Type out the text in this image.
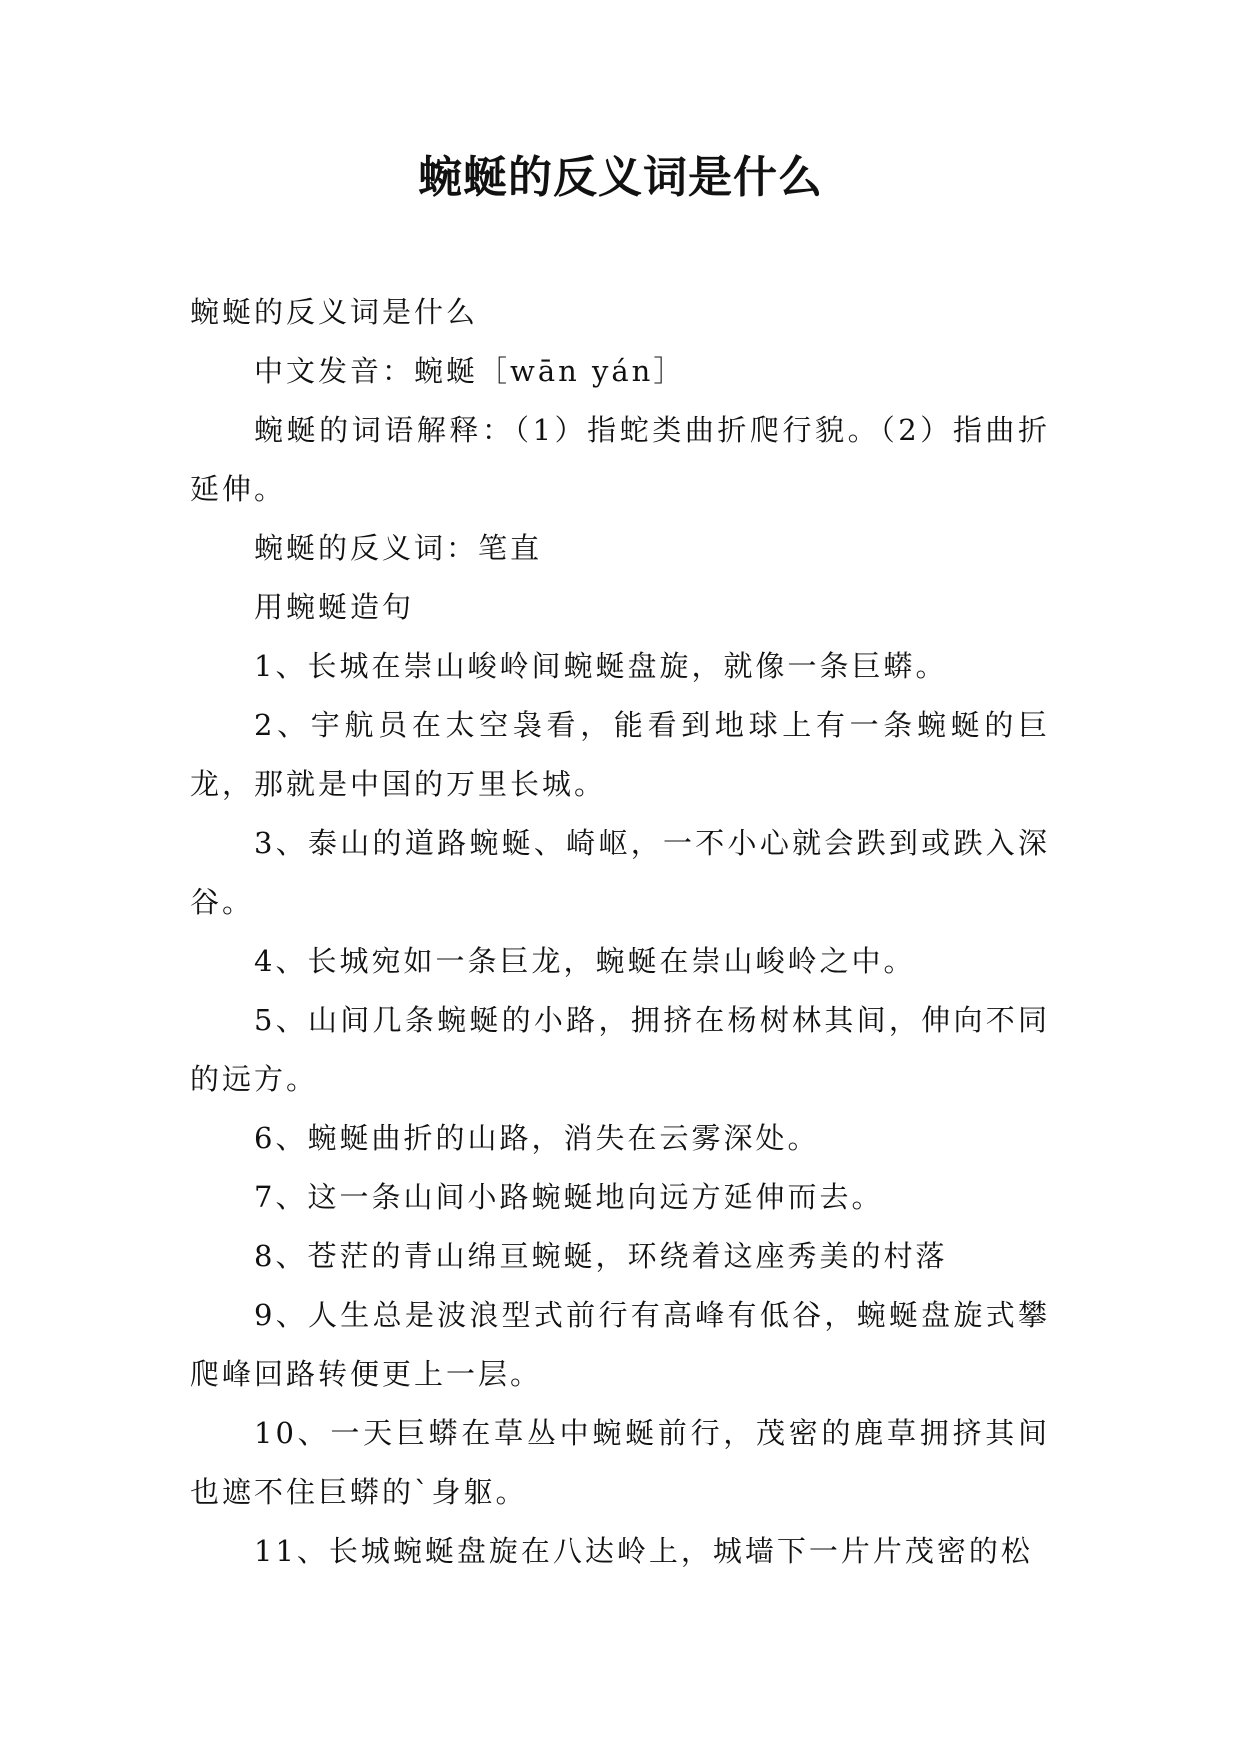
蜿蜒的反义词是什么

蜿蜒的反义词是什么

中文发音：蜿蜒［wān yán］

蜿蜒的词语解释：（1）指蛇类曲折爬行貌。（2）指曲折延伸。

蜿蜒的反义词：笔直

用蜿蜒造句

1、长城在崇山峻岭间蜿蜒盘旋，就像一条巨蟒。

2、宇航员在太空袅看，能看到地球上有一条蜿蜒的巨龙，那就是中国的万里长城。

3、泰山的道路蜿蜒、崎岖，一不小心就会跌到或跌入深谷。

4、长城宛如一条巨龙，蜿蜒在崇山峻岭之中。

5、山间几条蜿蜒的小路，拥挤在杨树林其间，伸向不同的远方。

6、蜿蜒曲折的山路，消失在云雾深处。

7、这一条山间小路蜿蜒地向远方延伸而去。

8、苍茫的青山绵亘蜿蜒，环绕着这座秀美的村落

9、人生总是波浪型式前行有高峰有低谷，蜿蜒盘旋式攀爬峰回路转便更上一层。

10、一天巨蟒在草丛中蜿蜒前行，茂密的鹿草拥挤其间也遮不住巨蟒的`身躯。

11、长城蜿蜒盘旋在八达岭上，城墙下一片片茂密的松
